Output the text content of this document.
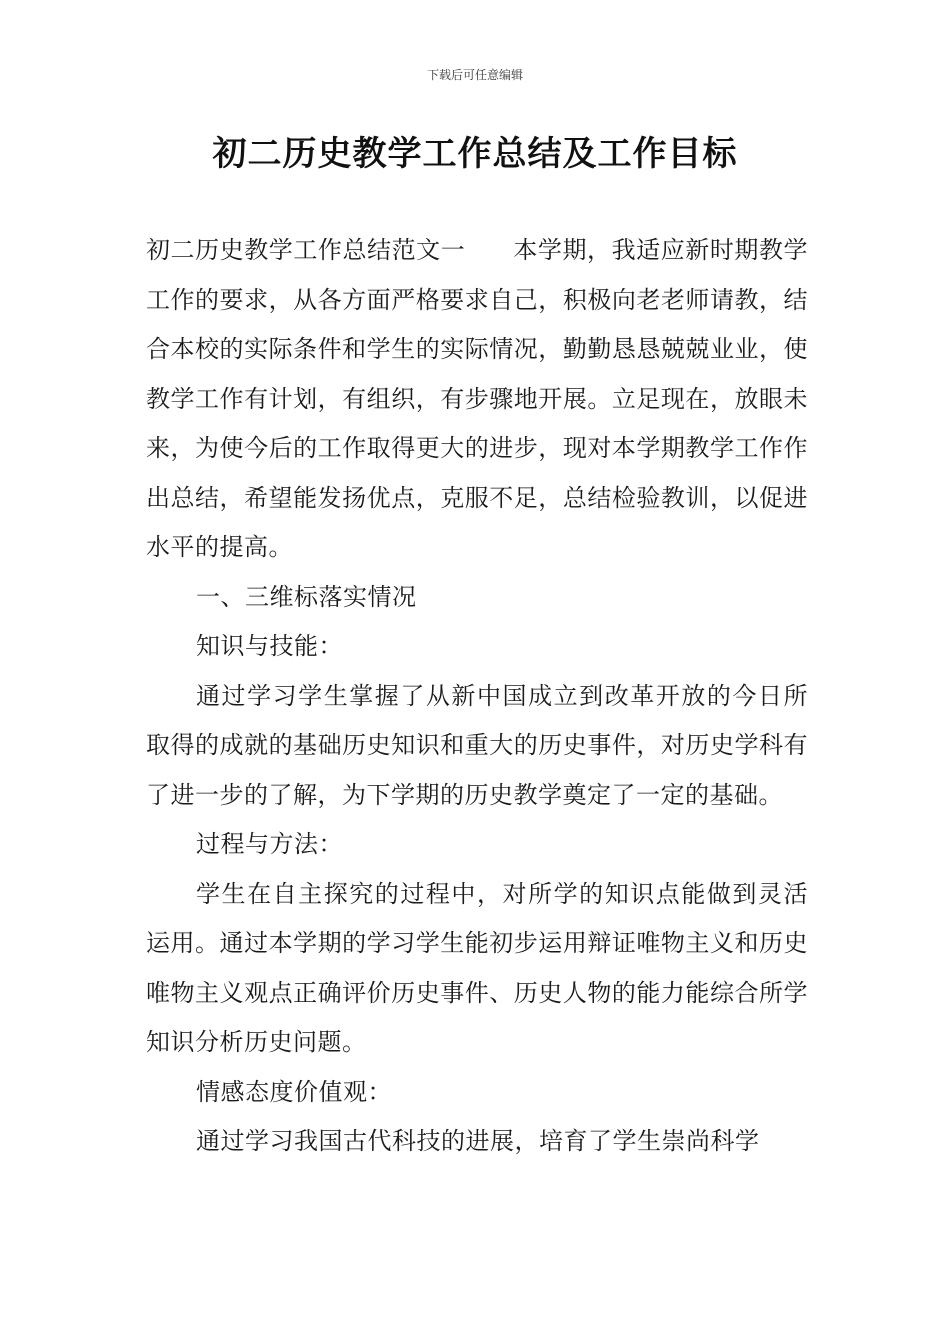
下载后可任意编辑
初二历史教学工作总结及工作目标

初二历史教学工作总结范文一 本学期，我适应新时期教学工作的要求，从各方面严格要求自己，积极向老老师请教，结合本校的实际条件和学生的实际情况，勤勤恳恳兢兢业业，使教学工作有计划，有组织，有步骤地开展。立足现在，放眼未来，为使今后的工作取得更大的进步，现对本学期教学工作作出总结，希望能发扬优点，克服不足，总结检验教训，以促进水平的提高。

一、三维标落实情况

知识与技能：

通过学习学生掌握了从新中国成立到改革开放的今日所取得的成就的基础历史知识和重大的历史事件，对历史学科有了进一步的了解，为下学期的历史教学奠定了一定的基础。

过程与方法：

学生在自主探究的过程中，对所学的知识点能做到灵活运用。通过本学期的学习学生能初步运用辩证唯物主义和历史唯物主义观点正确评价历史事件、历史人物的能力能综合所学知识分析历史问题。

情感态度价值观：

通过学习我国古代科技的进展，培育了学生崇尚科学
